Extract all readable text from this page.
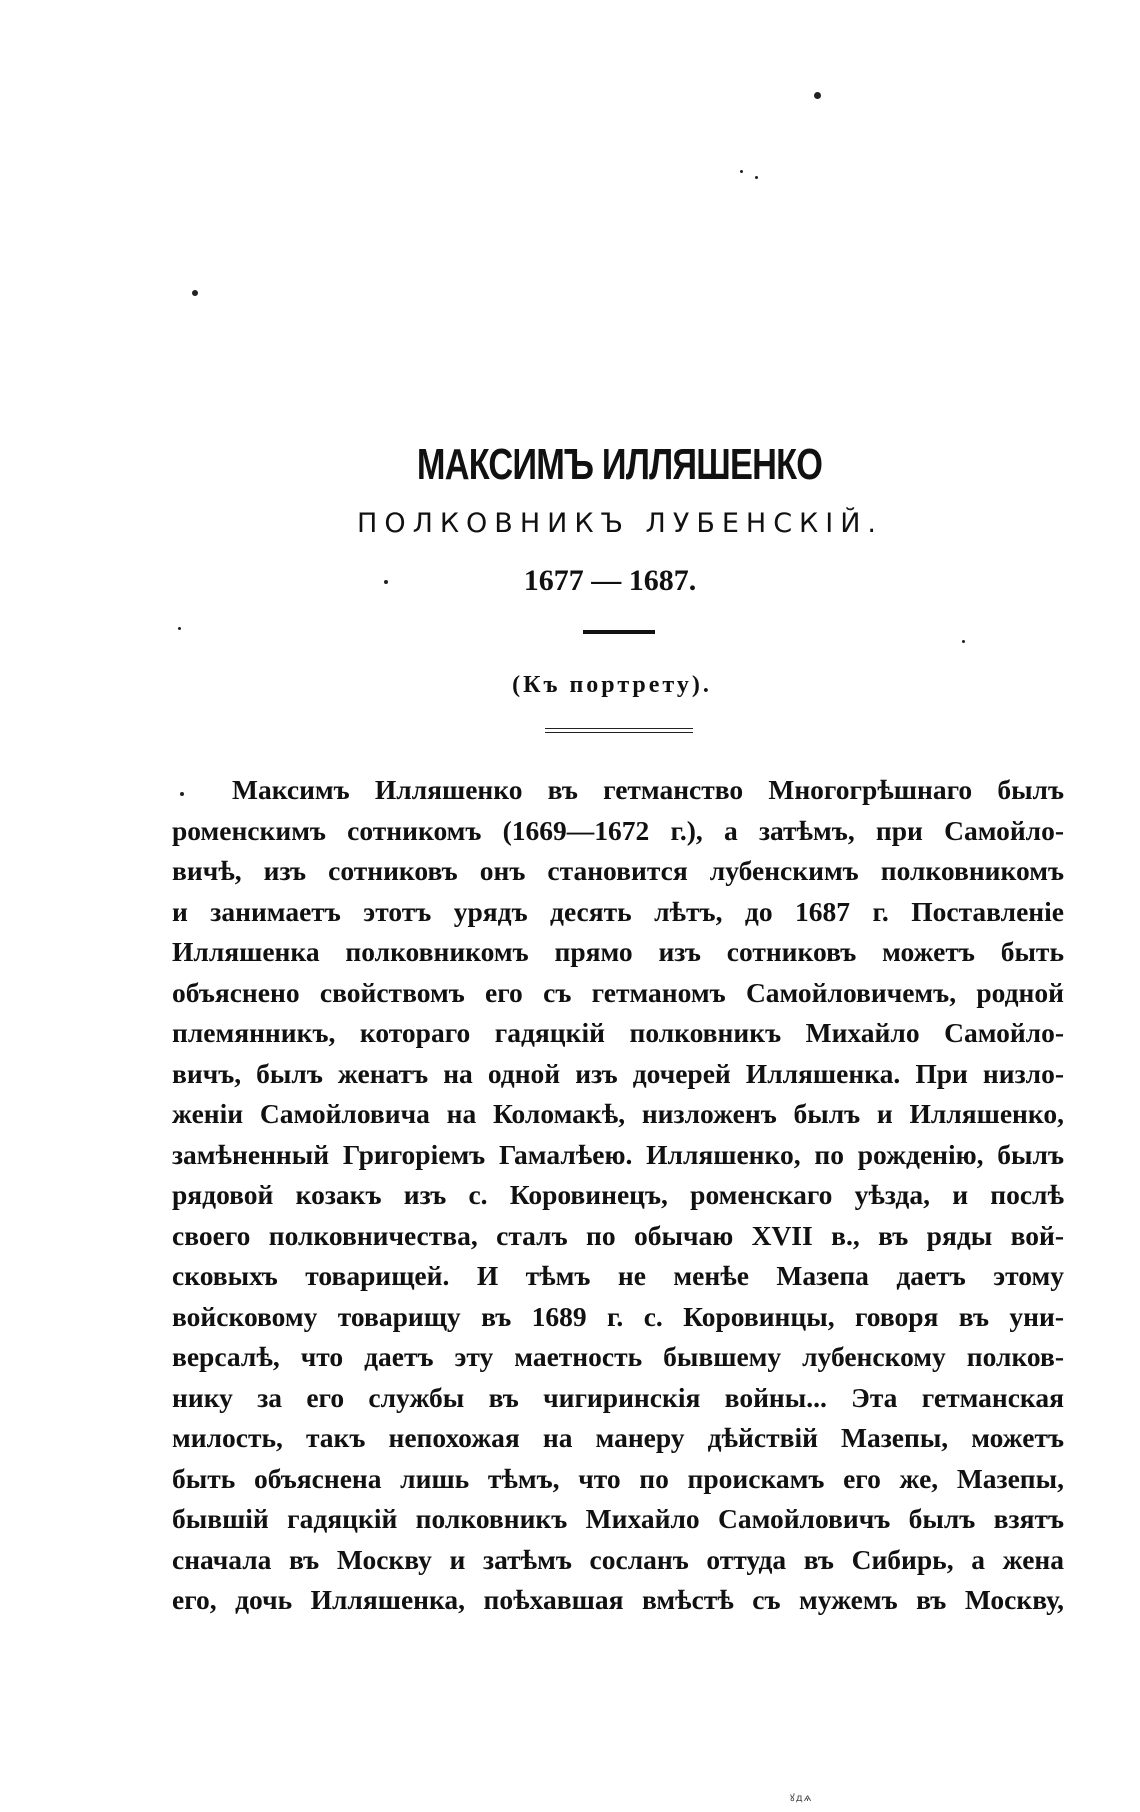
МАКСИМЪ ИЛЛЯШЕНКО
ПОЛКОВНИКЪ ЛУБЕНСКІЙ.
1677 — 1687.
(Къ портрету).
Максимъ Илляшенко въ гетманство Многогрѣшнаго былъ
роменскимъ сотникомъ (1669—1672 г.), а затѣмъ, при Самойло-
вичѣ, изъ сотниковъ онъ становится лубенскимъ полковникомъ
и занимаетъ этотъ урядъ десять лѣтъ, до 1687 г. Поставленіе
Илляшенка полковникомъ прямо изъ сотниковъ можетъ быть
объяснено свойствомъ его съ гетманомъ Самойловичемъ, родной
племянникъ, котораго гадяцкій полковникъ Михайло Самойло-
вичъ, былъ женатъ на одной изъ дочерей Илляшенка. При низло-
женіи Самойловича на Коломакѣ, низложенъ былъ и Илляшенко,
замѣненный Григоріемъ Гамалѣею. Илляшенко, по рожденію, былъ
рядовой козакъ изъ с. Коровинецъ, роменскаго уѣзда, и послѣ
своего полковничества, сталъ по обычаю XVII в., въ ряды вой-
сковыхъ товарищей. И тѣмъ не менѣе Мазепа даетъ этому
войсковому товарищу въ 1689 г. с. Коровинцы, говоря въ уни-
версалѣ, что даетъ эту маетность бывшему лубенскому полков-
нику за его службы въ чигиринскія войны... Эта гетманская
милость, такъ непохожая на манеру дѣйствій Мазепы, можетъ
быть объяснена лишь тѣмъ, что по проискамъ его же, Мазепы,
бывшій гадяцкій полковникъ Михайло Самойловичъ былъ взятъ
сначала въ Москву и затѣмъ сосланъ оттуда въ Сибирь, а жена
его, дочь Илляшенка, поѣхавшая вмѣстѣ съ мужемъ въ Москву,
ꙋдѧ
